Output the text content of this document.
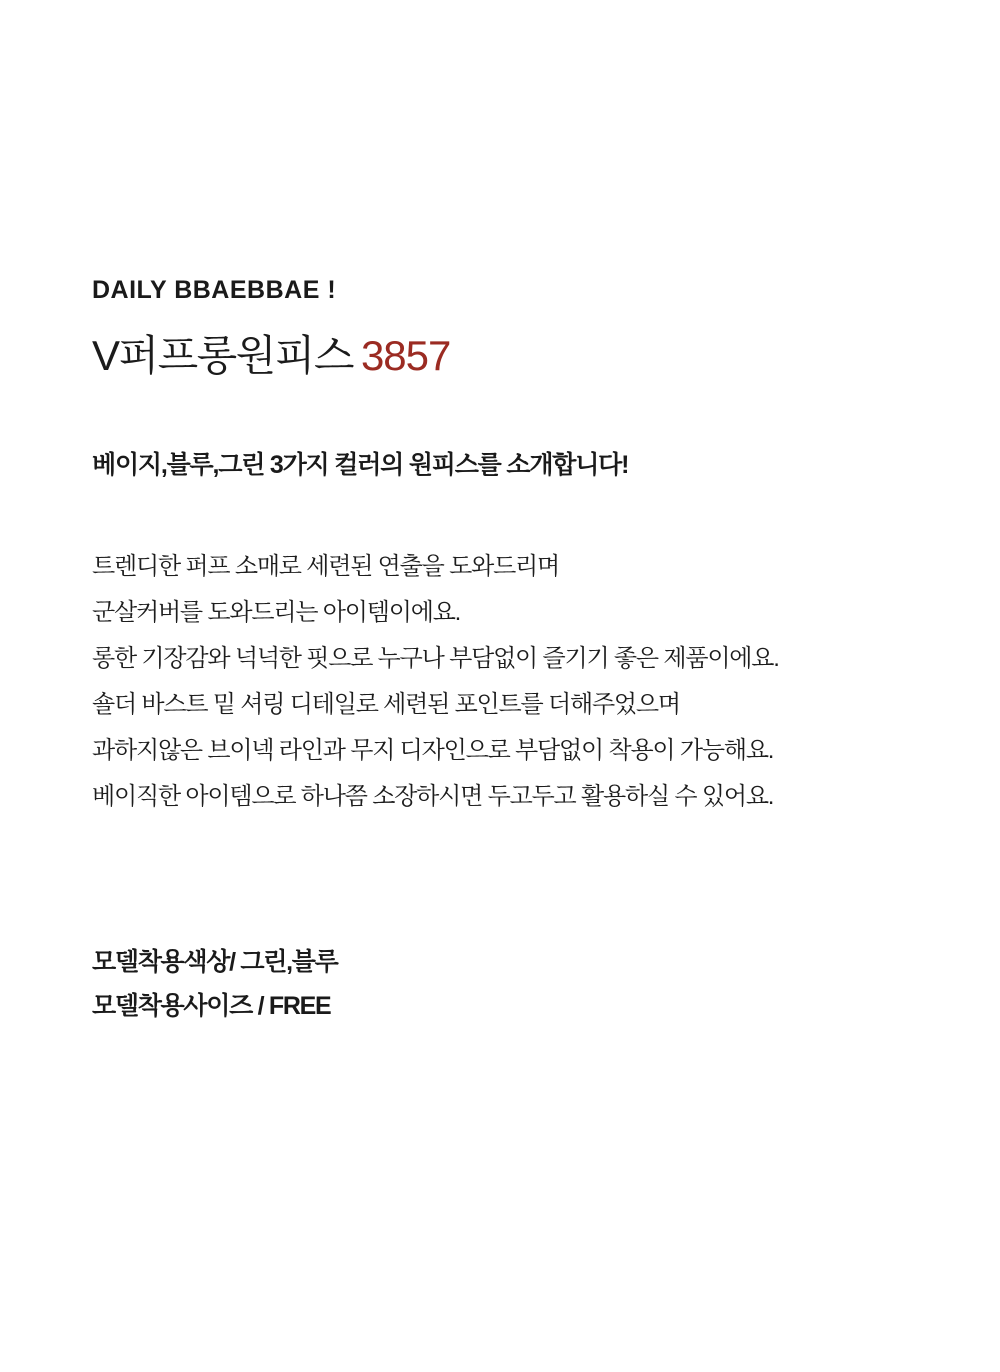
DAILY BBAEBBAE !
V퍼프롱원피스 3857
베이지,블루,그린 3가지 컬러의 원피스를 소개합니다!
트렌디한 퍼프 소매로 세련된 연출을 도와드리며
군살커버를 도와드리는 아이템이에요.
롱한 기장감와 넉넉한 핏으로 누구나 부담없이 즐기기 좋은 제품이에요.
숄더 바스트 밑 셔링 디테일로 세련된 포인트를 더해주었으며
과하지않은 브이넥 라인과 무지 디자인으로 부담없이 착용이 가능해요.
베이직한 아이템으로 하나쯤 소장하시면 두고두고 활용하실 수 있어요.
모델착용색상/ 그린,블루
모델착용사이즈 / FREE
